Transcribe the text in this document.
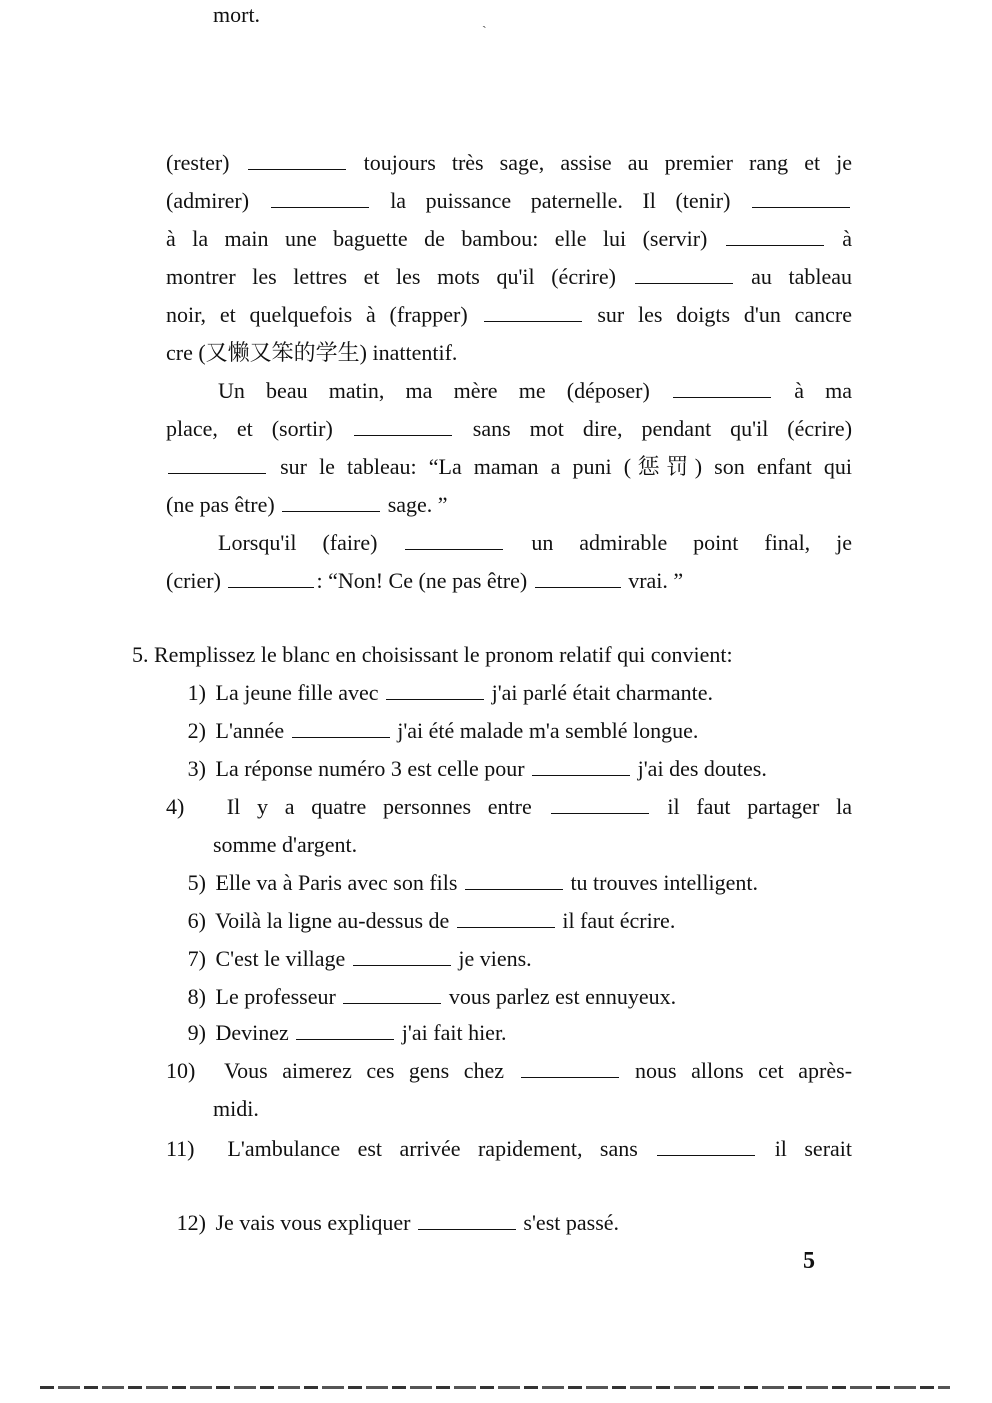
ˎ
(rester)	toujours très sage, assise au premier rang et je
(admirer)	la puissance paternelle. Il (tenir)
à la main une baguette de bambou: elle lui (servir)	à
montrer les lettres et les mots qu'il (écrire)	au tableau
noir, et quelquefois à (frapper)	sur les doigts d'un cancre
cre (又懒又笨的学生) inattentif.
Un beau matin, ma mère me (déposer)	à ma
place, et (sortir)	sans mot dire, pendant qu'il (écrire)
sur le tableau: “La maman a puni (惩罚) son enfant qui
(ne pas être)	sage. ”
Lorsqu'il (faire)	un admirable point final, je
(crier)	: “Non! Ce (ne pas être)	vrai. ”
5. Remplissez le blanc en choisissant le pronom relatif qui convient:
1) La jeune fille avec	j'ai parlé était charmante.
2) L'année	j'ai été malade m'a semblé longue.
3) La réponse numéro 3 est celle pour	j'ai des doutes.
4) Il y a quatre personnes entre	il faut partager la
somme d'argent.
5) Elle va à Paris avec son fils	tu trouves intelligent.
6) Voilà la ligne au-dessus de	il faut écrire.
7) C'est le village	je viens.
8) Le professeur	vous parlez est ennuyeux.
9) Devinez	j'ai fait hier.
10) Vous aimerez ces gens chez	nous allons cet après-
midi.
11) L'ambulance est arrivée rapidement, sans	il serait
mort.
12) Je vais vous expliquer	s'est passé.
5
